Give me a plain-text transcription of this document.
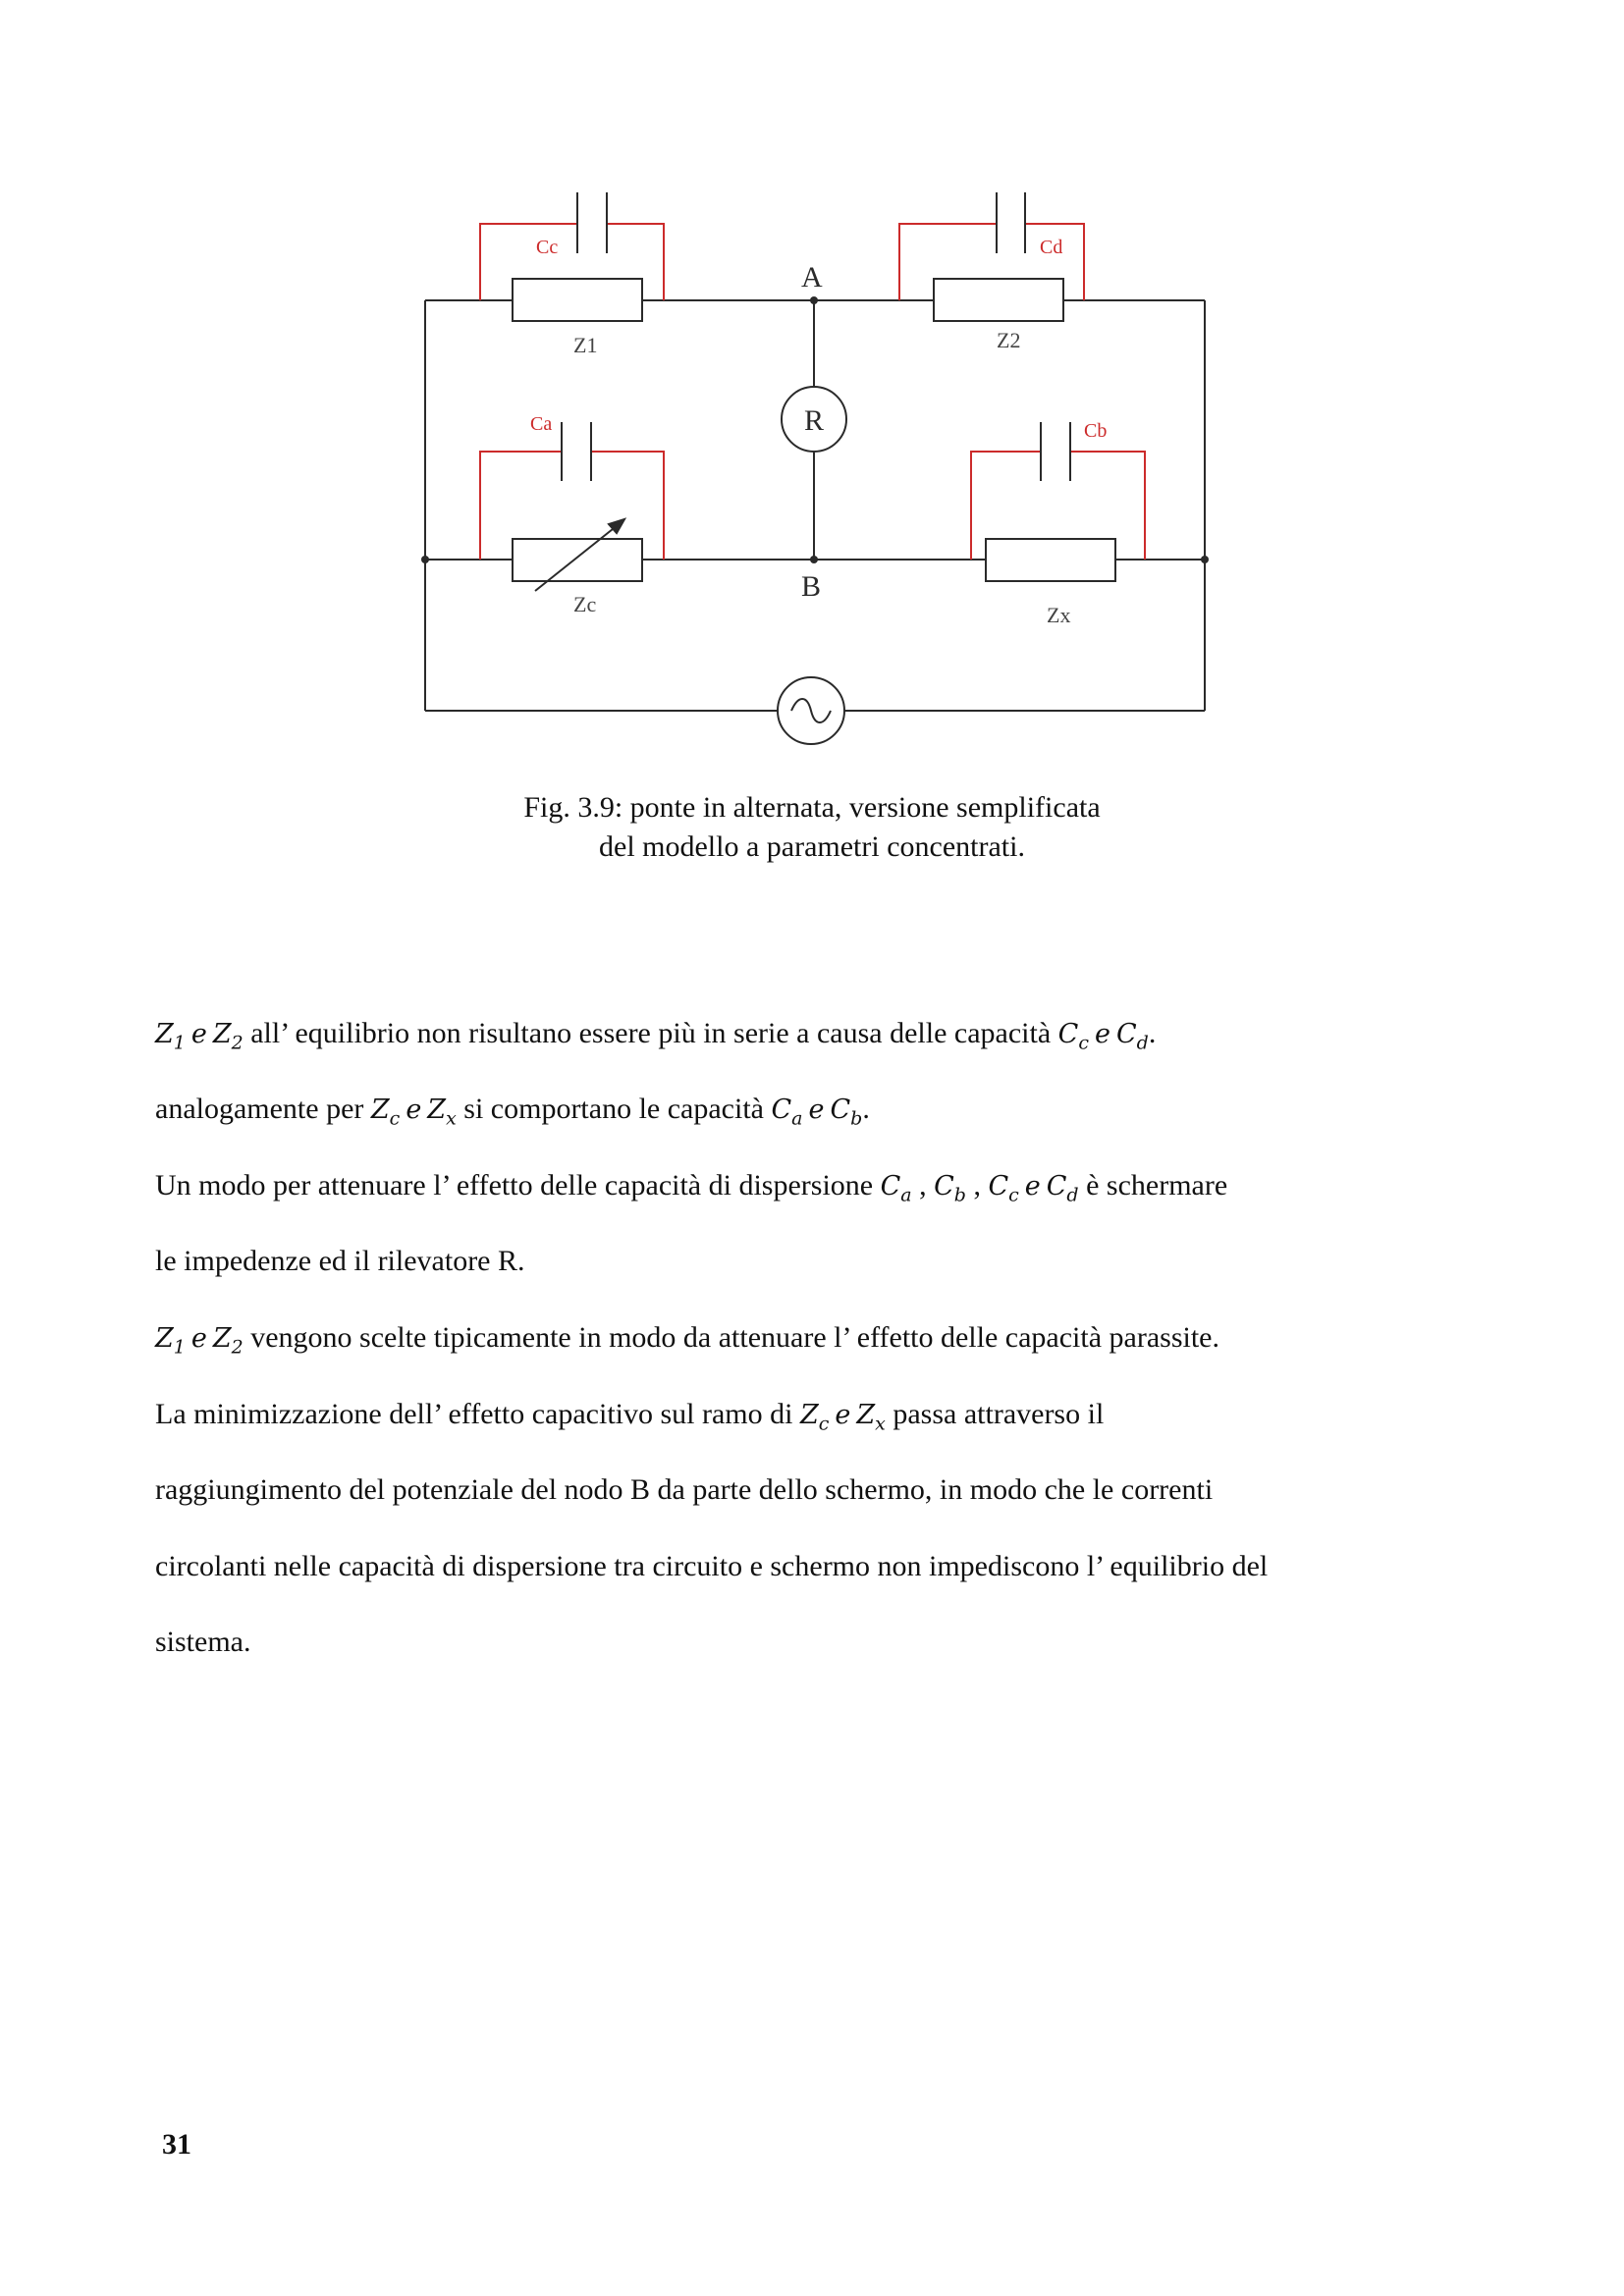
A
B
R
Z1	Z2
Zc	Zx
Cc	Cd
Ca	Cb
Fig. 3.9: ponte in alternata, versione semplificata
del modello a parametri concentrati.
$Z_1$ e $Z_2$ all’ equilibrio non risultano essere più in serie a causa delle capacità $C_c$ e $C_d$.
analogamente per $Z_c$ e $Z_x$ si comportano le capacità $C_a$ e $C_b$.
Un modo per attenuare l’ effetto delle capacità di dispersione $C_a$ , $C_b$ , $C_c$ e $C_d$ è schermare
le impedenze ed il rilevatore R.
$Z_1$ e $Z_2$ vengono scelte tipicamente in modo da attenuare l’ effetto delle capacità parassite.
La minimizzazione dell’ effetto capacitivo sul ramo di $Z_c$ e $Z_x$ passa attraverso il
raggiungimento del potenziale del nodo B da parte dello schermo, in modo che le correnti
circolanti nelle capacità di dispersione tra circuito e schermo non impediscono l’ equilibrio del
sistema.
31
